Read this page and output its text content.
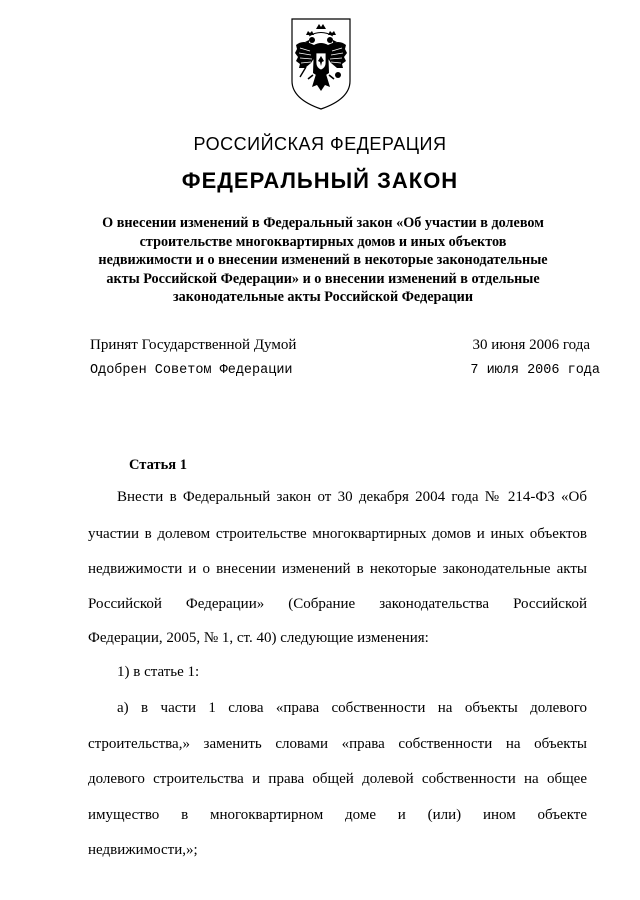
РОССИЙСКАЯ ФЕДЕРАЦИЯ
ФЕДЕРАЛЬНЫЙ ЗАКОН
О внесении изменений в Федеральный закон «Об участии в долевом
строительстве многоквартирных домов и иных объектов
недвижимости и о внесении изменений в некоторые законодательные
акты Российской Федерации» и о внесении изменений в отдельные
законодательные акты Российской Федерации
Принят Государственной Думой	30 июня 2006 года
Одобрен Советом Федерации	7 июля 2006 года
Статья 1
Внести в Федеральный закон от 30 декабря 2004 года № 214-ФЗ «Об
участии в долевом строительстве многоквартирных домов и иных объектов
недвижимости и о внесении изменений в некоторые законодательные акты
Российской Федерации» (Собрание законодательства Российской
Федерации, 2005, № 1, ст. 40) следующие изменения:
1) в статье 1:
а) в части 1 слова «права собственности на объекты долевого
строительства,» заменить словами «права собственности на объекты
долевого строительства и права общей долевой собственности на общее
имущество в многоквартирном доме и (или) ином объекте
недвижимости,»;
